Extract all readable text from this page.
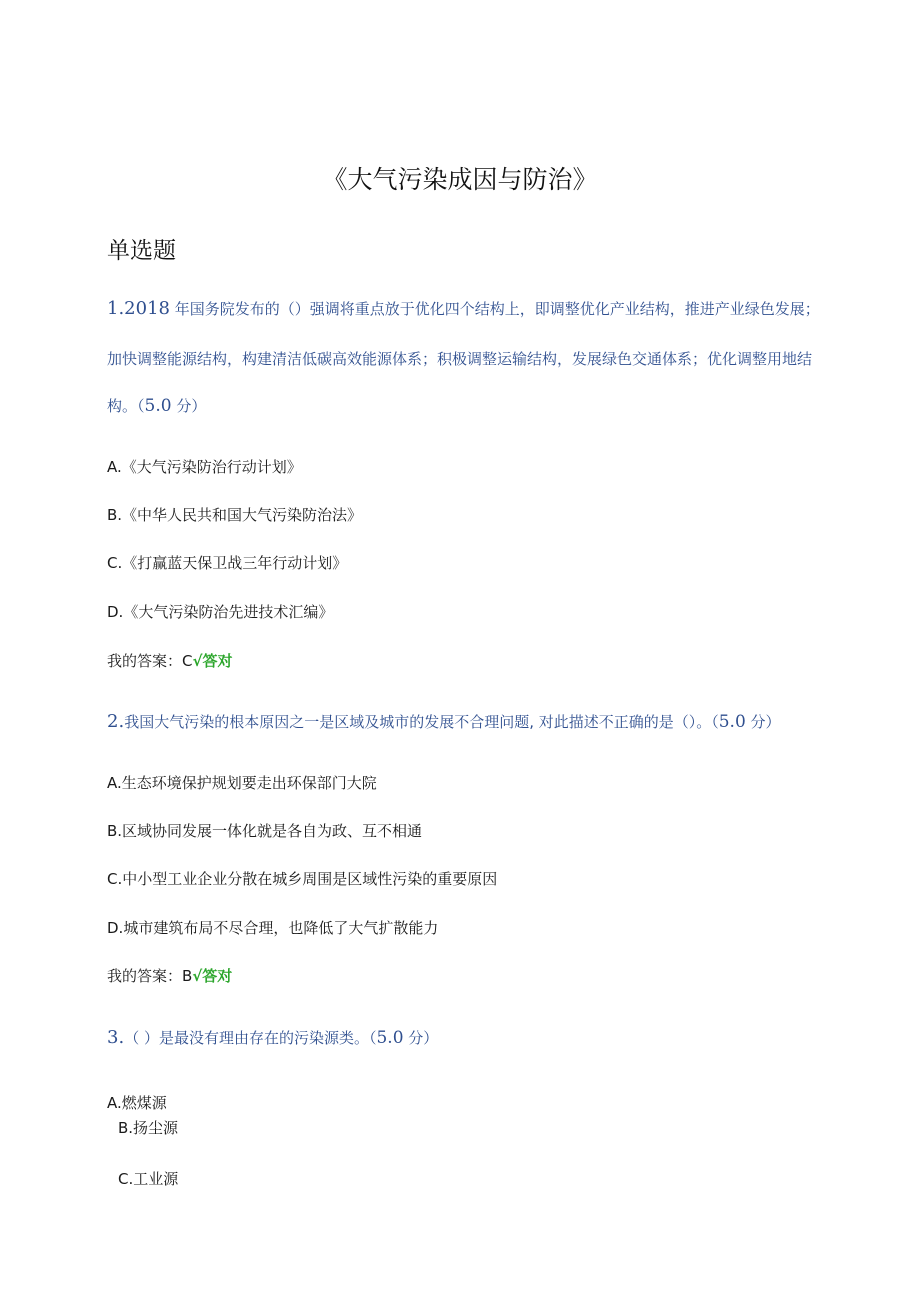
《大气污染成因与防治》
单选题
1.2018 年国务院发布的（）强调将重点放于优化四个结构上，即调整优化产业结构，推进产业绿色发展；
加快调整能源结构，构建清洁低碳高效能源体系；积极调整运输结构，发展绿色交通体系；优化调整用地结
构。（5.0 分）
A.《大气污染防治行动计划》
B.《中华人民共和国大气污染防治法》
C.《打赢蓝天保卫战三年行动计划》
D.《大气污染防治先进技术汇编》
我的答案：C√答对
2.我国大气污染的根本原因之一是区域及城市的发展不合理问题, 对此描述不正确的是（）。（5.0 分）
A.生态环境保护规划要走出环保部门大院
B.区域协同发展一体化就是各自为政、互不相通
C.中小型工业企业分散在城乡周围是区域性污染的重要原因
D.城市建筑布局不尽合理，也降低了大气扩散能力
我的答案：B√答对
3.（ ）是最没有理由存在的污染源类。（5.0 分）
A.燃煤源
B.扬尘源
C.工业源
